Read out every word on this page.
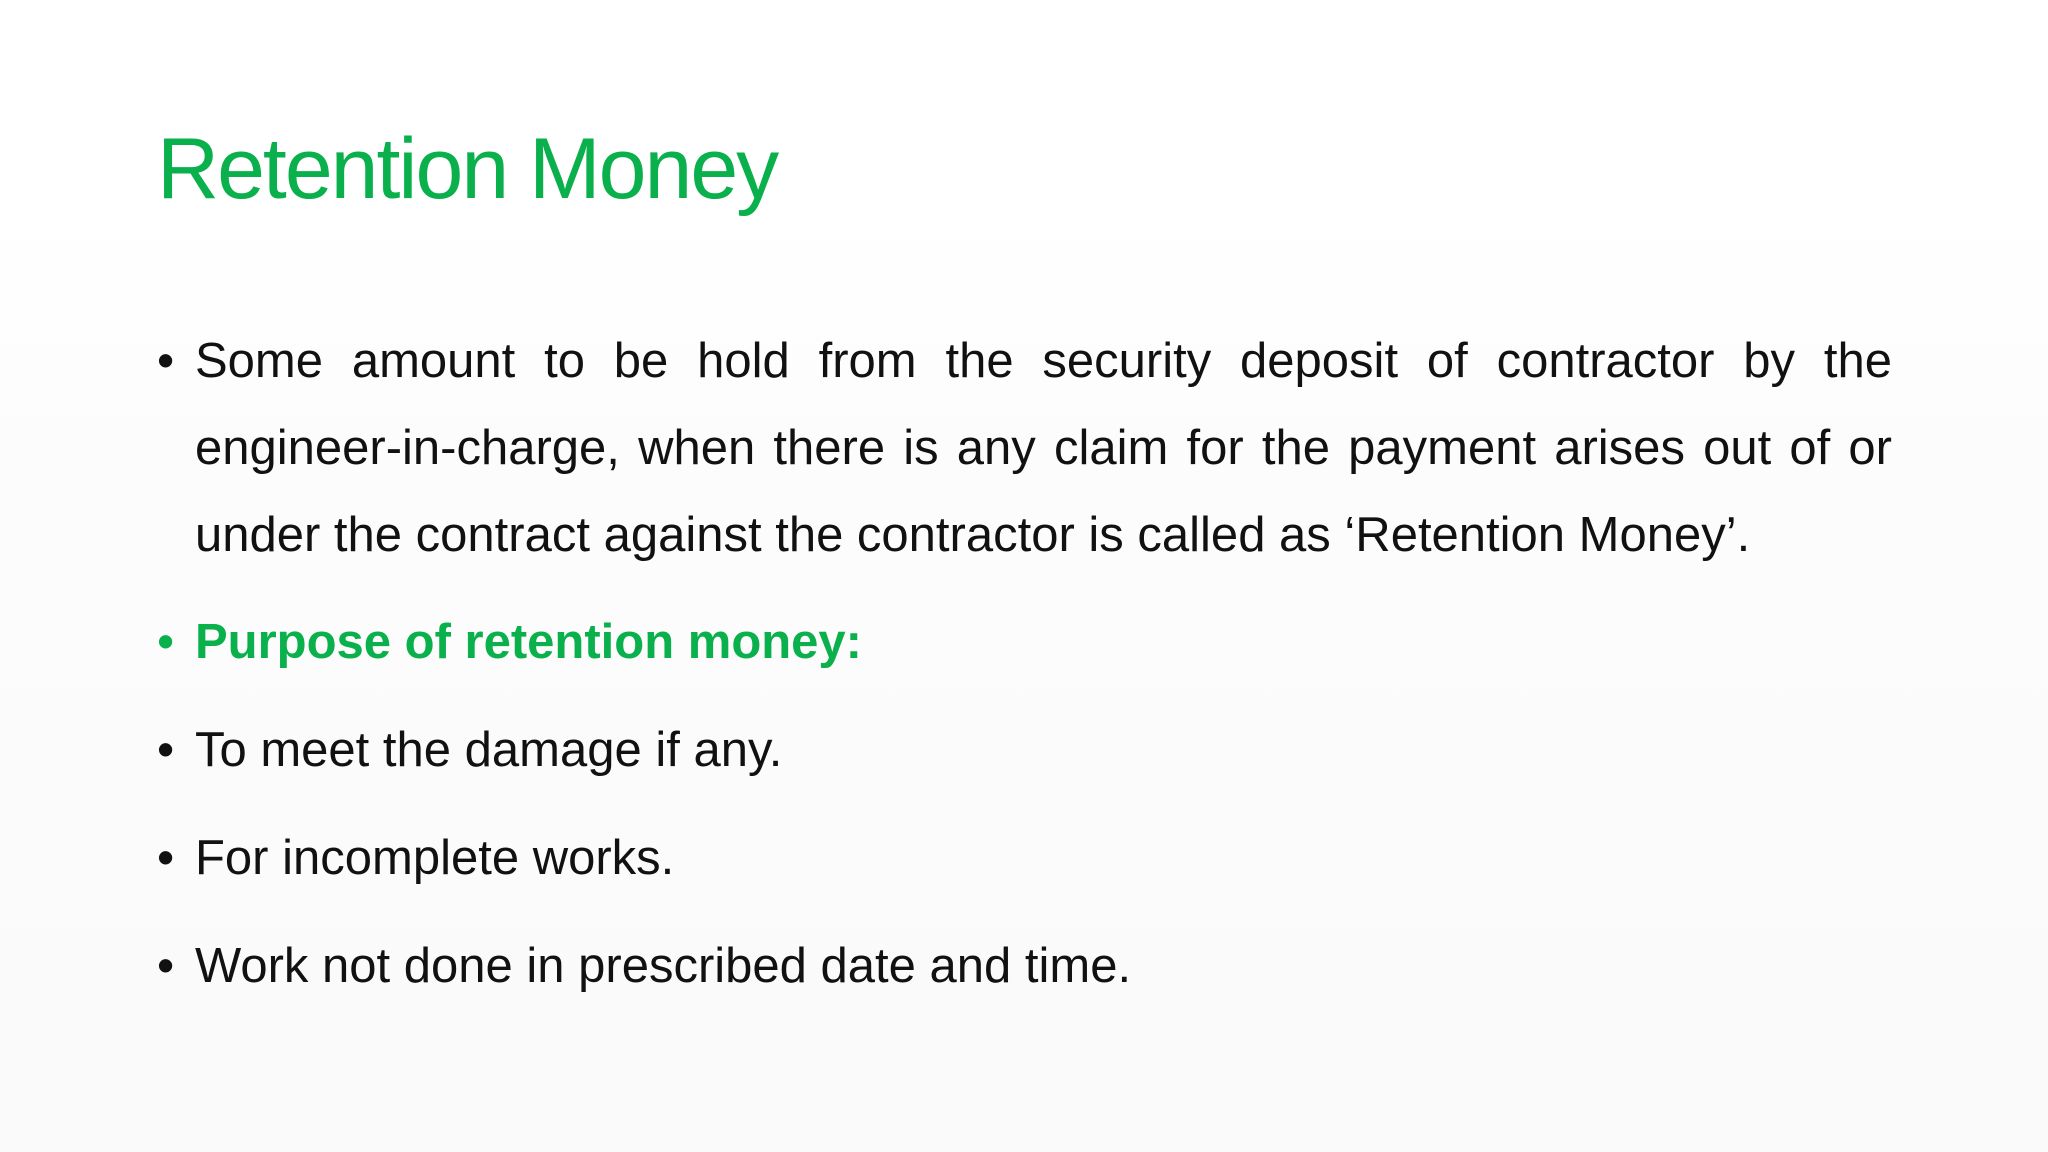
Retention Money
• Some amount to be hold from the security deposit of contractor by the engineer-in-charge, when there is any claim for the payment arises out of or under the contract against the contractor is called as ‘Retention Money’.
• Purpose of retention money:
• To meet the damage if any.
• For incomplete works.
• Work not done in prescribed date and time.
